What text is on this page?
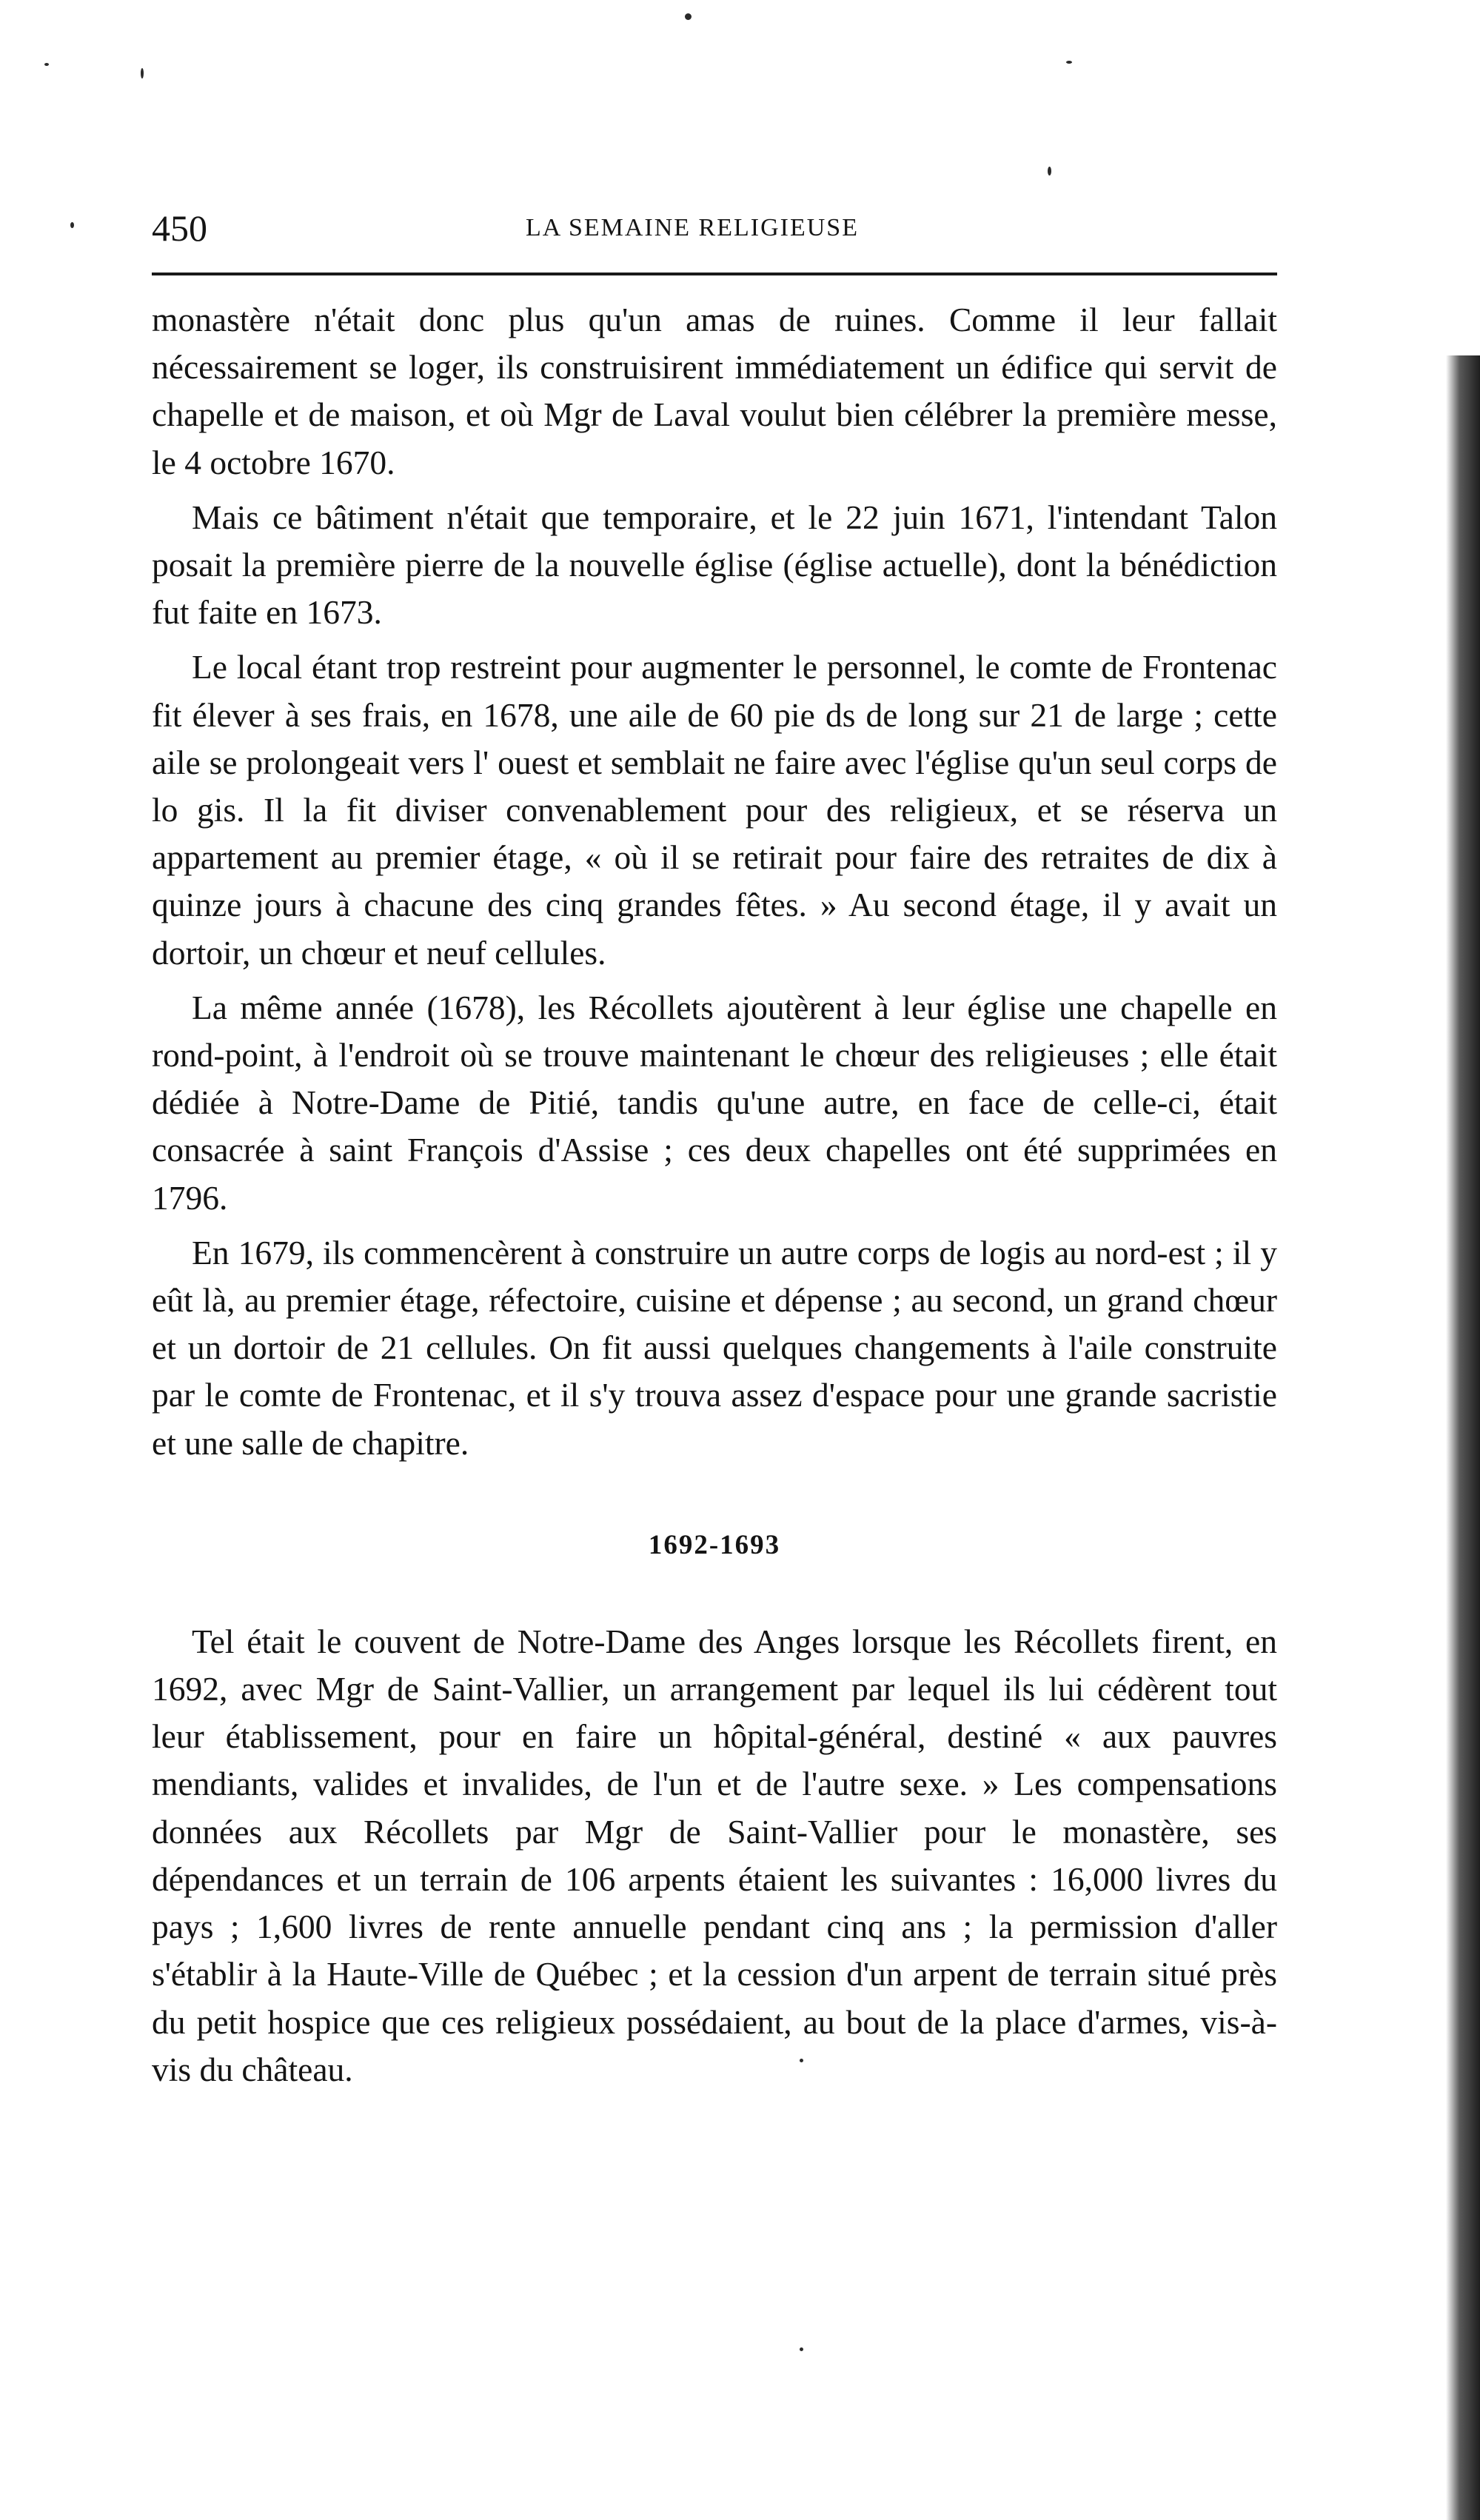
450	LA SEMAINE RELIGIEUSE

monastère n'était donc plus qu'un amas de ruines. Comme il leur fallait nécessairement se loger, ils construisirent immédiatement un édifice qui servit de chapelle et de maison, et où Mgr de Laval voulut bien célébrer la première messe, le 4 octobre 1670.

Mais ce bâtiment n'était que temporaire, et le 22 juin 1671, l'intendant Talon posait la première pierre de la nouvelle église (église actuelle), dont la bénédiction fut faite en 1673.

Le local étant trop restreint pour augmenter le personnel, le comte de Frontenac fit élever à ses frais, en 1678, une aile de 60 pie ds de long sur 21 de large ; cette aile se prolongeait vers l' ouest et semblait ne faire avec l'église qu'un seul corps de lo gis. Il la fit diviser convenablement pour des religieux, et se réserva un appartement au premier étage, « où il se retirait pour faire des retraites de dix à quinze jours à chacune des cinq grandes fêtes. » Au second étage, il y avait un dortoir, un chœur et neuf cellules.

La même année (1678), les Récollets ajoutèrent à leur église une chapelle en rond-point, à l'endroit où se trouve maintenant le chœur des religieuses ; elle était dédiée à Notre-Dame de Pitié, tandis qu'une autre, en face de celle-ci, était consacrée à saint François d'Assise ; ces deux chapelles ont été supprimées en 1796.

En 1679, ils commencèrent à construire un autre corps de logis au nord-est ; il y eût là, au premier étage, réfectoire, cuisine et dépense ; au second, un grand chœur et un dortoir de 21 cellules. On fit aussi quelques changements à l'aile construite par le comte de Frontenac, et il s'y trouva assez d'espace pour une grande sacristie et une salle de chapitre.

1692-1693

Tel était le couvent de Notre-Dame des Anges lorsque les Récollets firent, en 1692, avec Mgr de Saint-Vallier, un arrangement par lequel ils lui cédèrent tout leur établissement, pour en faire un hôpital-général, destiné « aux pauvres mendiants, valides et invalides, de l'un et de l'autre sexe. » Les compensations données aux Récollets par Mgr de Saint-Vallier pour le monastère, ses dépendances et un terrain de 106 arpents étaient les suivantes : 16,000 livres du pays ; 1,600 livres de rente annuelle pendant cinq ans ; la permission d'aller s'établir à la Haute-Ville de Québec ; et la cession d'un arpent de terrain situé près du petit hospice que ces religieux possédaient, au bout de la place d'armes, vis-à-vis du château.
